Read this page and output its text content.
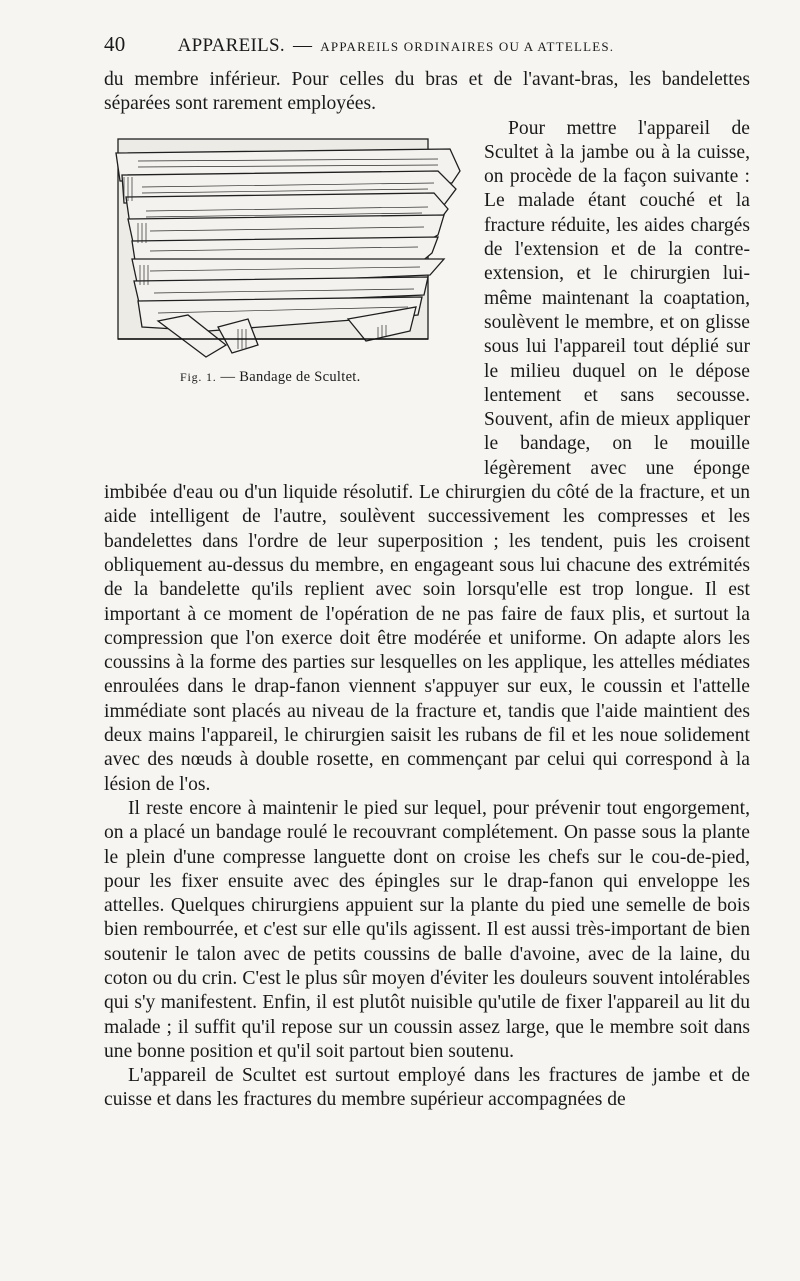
40	APPAREILS. — APPAREILS ORDINAIRES OU A ATTELLES.

du membre inférieur. Pour celles du bras et de l'avant-bras, les bandelettes séparées sont rarement employées.

Fig. 1. — Bandage de Scultet.

Pour mettre l'appareil de Scultet à la jambe ou à la cuisse, on procède de la façon suivante : Le malade étant couché et la fracture réduite, les aides chargés de l'extension et de la contre-extension, et le chirurgien lui-même maintenant la coaptation, soulèvent le membre, et on glisse sous lui l'appareil tout déplié sur le milieu duquel on le dépose lentement et sans secousse. Souvent, afin de mieux appliquer le bandage, on le mouille légèrement avec une éponge imbibée d'eau ou d'un liquide résolutif. Le chirurgien du côté de la fracture, et un aide intelligent de l'autre, soulèvent successivement les compresses et les bandelettes dans l'ordre de leur superposition ; les tendent, puis les croisent obliquement au-dessus du membre, en engageant sous lui chacune des extrémités de la bandelette qu'ils replient avec soin lorsqu'elle est trop longue. Il est important à ce moment de l'opération de ne pas faire de faux plis, et surtout la compression que l'on exerce doit être modérée et uniforme. On adapte alors les coussins à la forme des parties sur lesquelles on les applique, les attelles médiates enroulées dans le drap-fanon viennent s'appuyer sur eux, le coussin et l'attelle immédiate sont placés au niveau de la fracture et, tandis que l'aide maintient des deux mains l'appareil, le chirurgien saisit les rubans de fil et les noue solidement avec des nœuds à double rosette, en commençant par celui qui correspond à la lésion de l'os.

Il reste encore à maintenir le pied sur lequel, pour prévenir tout engorgement, on a placé un bandage roulé le recouvrant complétement. On passe sous la plante le plein d'une compresse languette dont on croise les chefs sur le cou-de-pied, pour les fixer ensuite avec des épingles sur le drap-fanon qui enveloppe les attelles. Quelques chirurgiens appuient sur la plante du pied une semelle de bois bien rembourrée, et c'est sur elle qu'ils agissent. Il est aussi très-important de bien soutenir le talon avec de petits coussins de balle d'avoine, avec de la laine, du coton ou du crin. C'est le plus sûr moyen d'éviter les douleurs souvent intolérables qui s'y manifestent. Enfin, il est plutôt nuisible qu'utile de fixer l'appareil au lit du malade ; il suffit qu'il repose sur un coussin assez large, que le membre soit dans une bonne position et qu'il soit partout bien soutenu.

L'appareil de Scultet est surtout employé dans les fractures de jambe et de cuisse et dans les fractures du membre supérieur accompagnées de
